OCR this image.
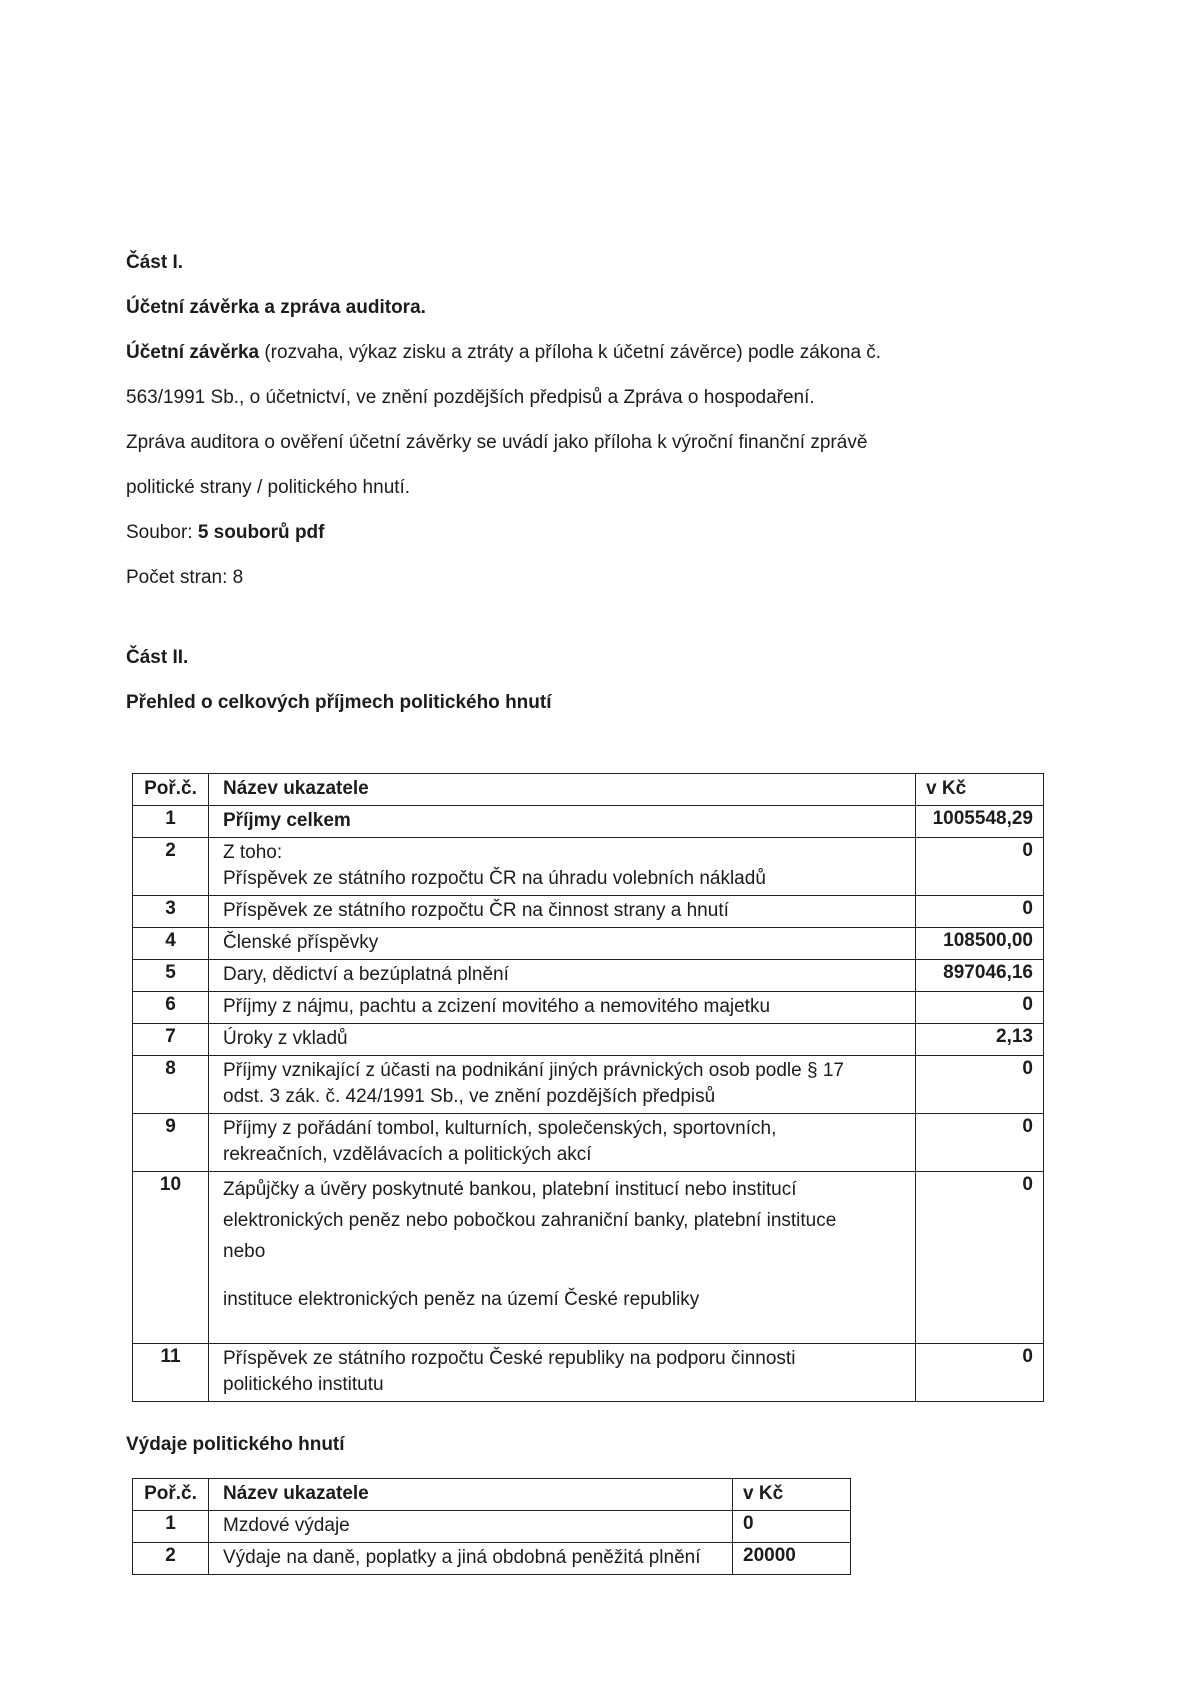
Část I.
Účetní závěrka a zpráva auditora.
Účetní závěrka (rozvaha, výkaz zisku a ztráty a příloha k účetní závěrce) podle zákona č.
563/1991 Sb., o účetnictví, ve znění pozdějších předpisů a Zpráva o hospodaření.
Zpráva auditora o ověření účetní závěrky se uvádí jako příloha k výroční finanční zprávě
politické strany / politického hnutí.
Soubor: 5 souborů pdf
Počet stran: 8
Část II.
Přehled o celkových příjmech politického hnutí
Poř.č.	Název ukazatele	v Kč
1	Příjmy celkem	1005548,29
2	Z toho:
Příspěvek ze státního rozpočtu ČR na úhradu volebních nákladů	0
3	Příspěvek ze státního rozpočtu ČR na činnost strany a hnutí	0
4	Členské příspěvky	108500,00
5	Dary, dědictví a bezúplatná plnění	897046,16
6	Příjmy z nájmu, pachtu a zcizení movitého a nemovitého majetku	0
7	Úroky z vkladů	2,13
8	Příjmy vznikající z účasti na podnikání jiných právnických osob podle § 17
odst. 3 zák. č. 424/1991 Sb., ve znění pozdějších předpisů	0
9	Příjmy z pořádání tombol, kulturních, společenských, sportovních,
rekreačních, vzdělávacích a politických akcí	0
10	Zápůjčky a úvěry poskytnuté bankou, platební institucí nebo institucí
elektronických peněz nebo pobočkou zahraniční banky, platební instituce
nebo

instituce elektronických peněz na území České republiky	0
11	Příspěvek ze státního rozpočtu České republiky na podporu činnosti
politického institutu	0
Výdaje politického hnutí
Poř.č.	Název ukazatele	v Kč
1	Mzdové výdaje	0
2	Výdaje na daně, poplatky a jiná obdobná peněžitá plnění	20000
